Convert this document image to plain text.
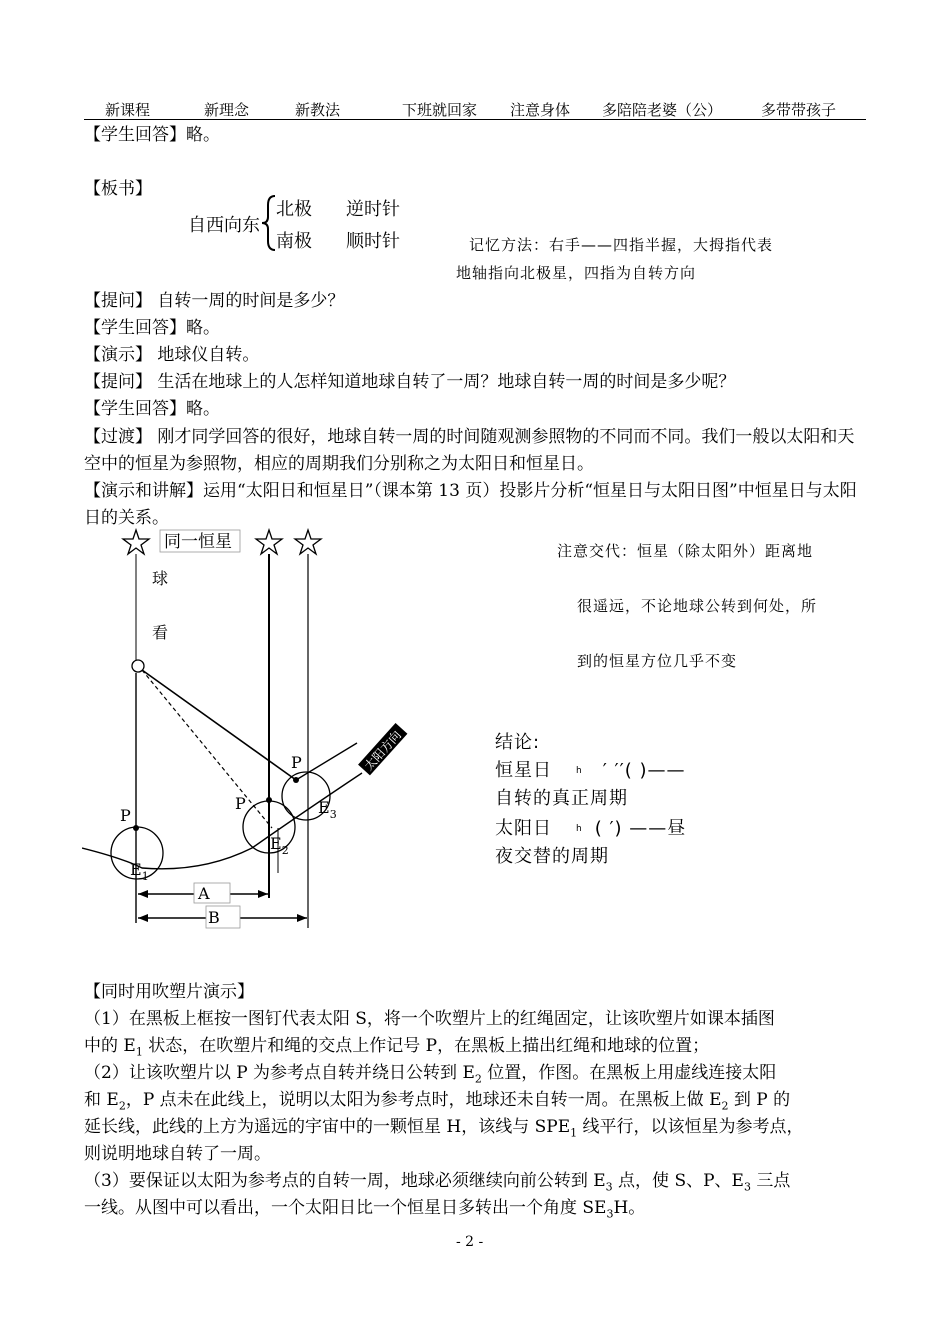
新课程	新理念	新教法	下班就回家 注意身体 多陪陪老婆（公）	多带带孩子
【学生回答】略。
【板书】
自西向东
北极 逆时针
南极 顺时针	记忆方法：右手——四指半握，大拇指代表
地轴指向北极星，四指为自转方向
【提问】 自转一周的时间是多少？
【学生回答】略。
【演示】 地球仪自转。
【提问】 生活在地球上的人怎样知道地球自转了一周？地球自转一周的时间是多少呢？
【学生回答】略。
【过渡】 刚才同学回答的很好，地球自转一周的时间随观测参照物的不同而不同。我们一般以太阳和天空中的恒星为参照物，相应的周期我们分别称之为太阳日和恒星日。
【演示和讲解】运用“太阳日和恒星日”（课本第 13 页）投影片分析“恒星日与太阳日图”中恒星日与太阳日的关系。
同一恒星
球
看
太阳方向
P
P
P
$E_1$
$E_2$
$E_3$
A
B
注意交代：恒星（除太阳外）距离地
很遥远，不论地球公转到何处，所
到的恒星方位几乎不变
结论:
恒星日	h ′ ′′( )——
自转的真正周期
太阳日	h ( ′) ——昼
夜交替的周期
【同时用吹塑片演示】
（1）在黑板上框按一图钉代表太阳 S，将一个吹塑片上的红绳固定，让该吹塑片如课本插图
中的 $E_1$ 状态，在吹塑片和绳的交点上作记号 P，在黑板上描出红绳和地球的位置；
（2）让该吹塑片以 P 为参考点自转并绕日公转到 $E_2$ 位置，作图。在黑板上用虚线连接太阳
和 $E_2$，P 点未在此线上，说明以太阳为参考点时，地球还未自转一周。在黑板上做 $E_2$ 到 P 的
延长线，此线的上方为遥远的宇宙中的一颗恒星 H，该线与 $SPE_1$ 线平行，以该恒星为参考点，
则说明地球自转了一周。
（3）要保证以太阳为参考点的自转一周，地球必须继续向前公转到 $E_3$ 点，使 S、P、$E_3$ 三点
一线。从图中可以看出，一个太阳日比一个恒星日多转出一个角度 $SE_3H$。
- 2 -
